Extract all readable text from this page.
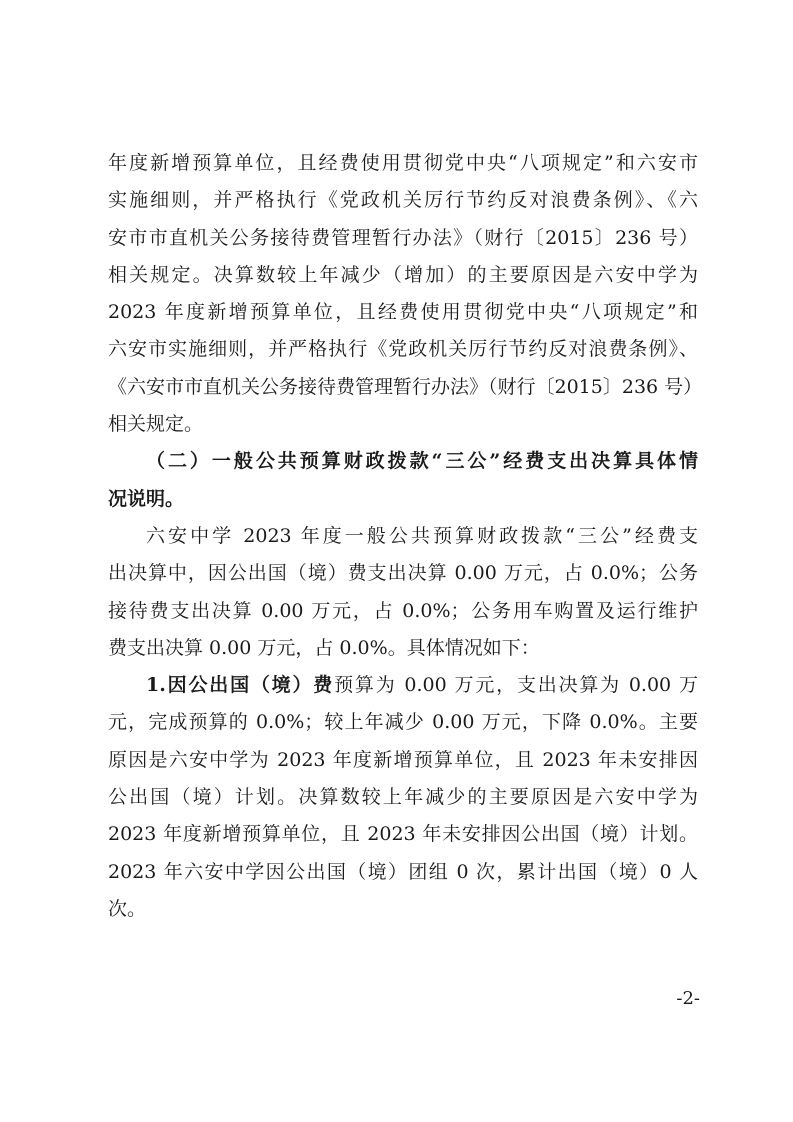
年度新增预算单位，且经费使用贯彻党中央“八项规定”和六安市
实施细则，并严格执行《党政机关厉行节约反对浪费条例》、《六
安市市直机关公务接待费管理暂行办法》（财行〔2015〕236 号）
相关规定。决算数较上年减少（增加）的主要原因是六安中学为
2023 年度新增预算单位，且经费使用贯彻党中央“八项规定”和
六安市实施细则，并严格执行《党政机关厉行节约反对浪费条例》、
《六安市市直机关公务接待费管理暂行办法》（财行〔2015〕236 号）
相关规定。
（二）一般公共预算财政拨款“三公”经费支出决算具体情
况说明。
六安中学 2023 年度一般公共预算财政拨款“三公”经费支
出决算中，因公出国（境）费支出决算 0.00 万元，占 0.0%；公务
接待费支出决算 0.00 万元，占 0.0%；公务用车购置及运行维护
费支出决算 0.00 万元，占 0.0%。具体情况如下：
1.因公出国（境）费预算为 0.00 万元，支出决算为 0.00 万
元，完成预算的 0.0%；较上年减少 0.00 万元，下降 0.0%。主要
原因是六安中学为 2023 年度新增预算单位，且 2023 年未安排因
公出国（境）计划。决算数较上年减少的主要原因是六安中学为
2023 年度新增预算单位，且 2023 年未安排因公出国（境）计划。
2023 年六安中学因公出国（境）团组 0 次，累计出国（境）0 人
次。
-2-
